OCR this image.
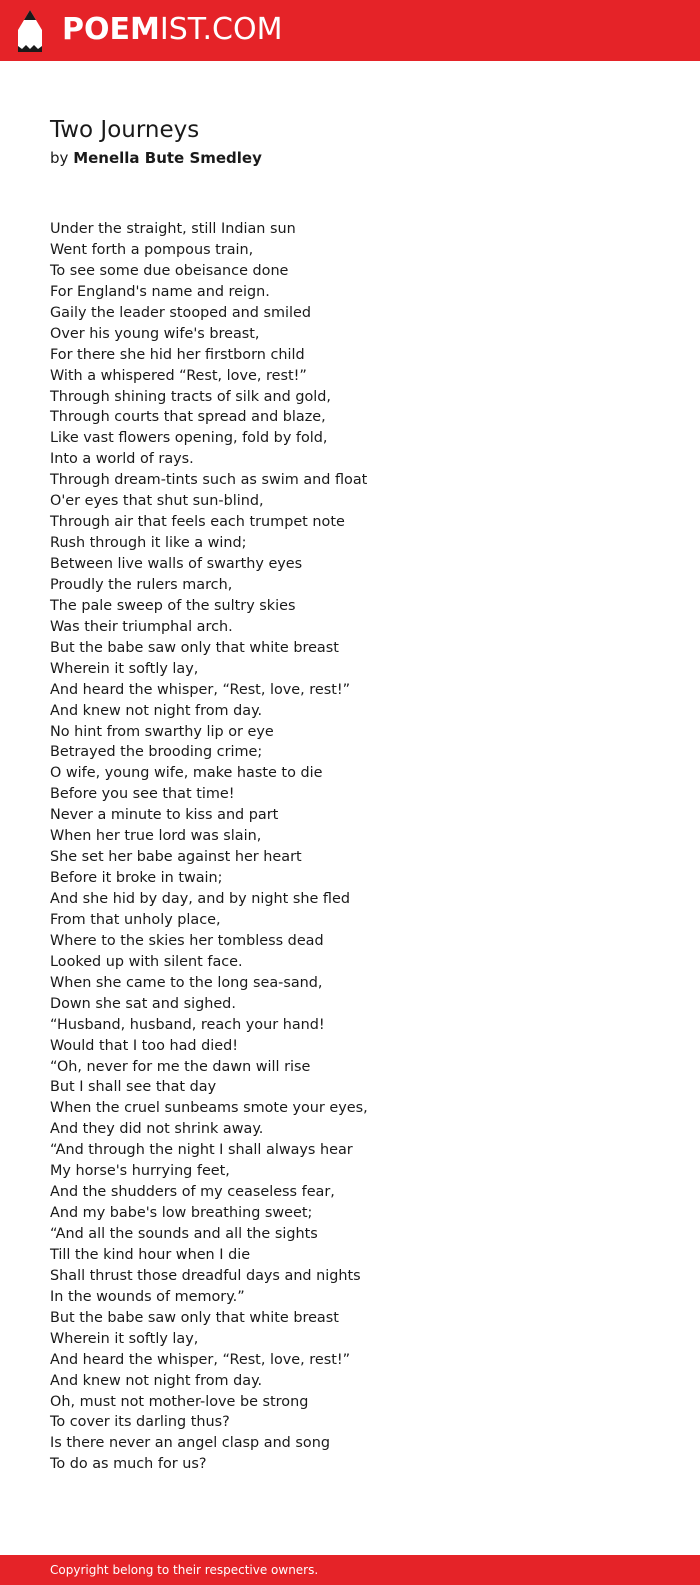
POEMIST.COM
Two Journeys
by Menella Bute Smedley
Under the straight, still Indian sun
Went forth a pompous train,
To see some due obeisance done
For England's name and reign.
Gaily the leader stooped and smiled
Over his young wife's breast,
For there she hid her firstborn child
With a whispered “Rest, love, rest!”
Through shining tracts of silk and gold,
Through courts that spread and blaze,
Like vast flowers opening, fold by fold,
Into a world of rays.
Through dream-tints such as swim and float
O'er eyes that shut sun-blind,
Through air that feels each trumpet note
Rush through it like a wind;
Between live walls of swarthy eyes
Proudly the rulers march,
The pale sweep of the sultry skies
Was their triumphal arch.
But the babe saw only that white breast
Wherein it softly lay,
And heard the whisper, “Rest, love, rest!”
And knew not night from day.
No hint from swarthy lip or eye
Betrayed the brooding crime;
O wife, young wife, make haste to die
Before you see that time!
Never a minute to kiss and part
When her true lord was slain,
She set her babe against her heart
Before it broke in twain;
And she hid by day, and by night she fled
From that unholy place,
Where to the skies her tombless dead
Looked up with silent face.
When she came to the long sea-sand,
Down she sat and sighed.
“Husband, husband, reach your hand!
Would that I too had died!
“Oh, never for me the dawn will rise
But I shall see that day
When the cruel sunbeams smote your eyes,
And they did not shrink away.
“And through the night I shall always hear
My horse's hurrying feet,
And the shudders of my ceaseless fear,
And my babe's low breathing sweet;
“And all the sounds and all the sights
Till the kind hour when I die
Shall thrust those dreadful days and nights
In the wounds of memory.”
But the babe saw only that white breast
Wherein it softly lay,
And heard the whisper, “Rest, love, rest!”
And knew not night from day.
Oh, must not mother-love be strong
To cover its darling thus?
Is there never an angel clasp and song
To do as much for us?
Copyright belong to their respective owners.
